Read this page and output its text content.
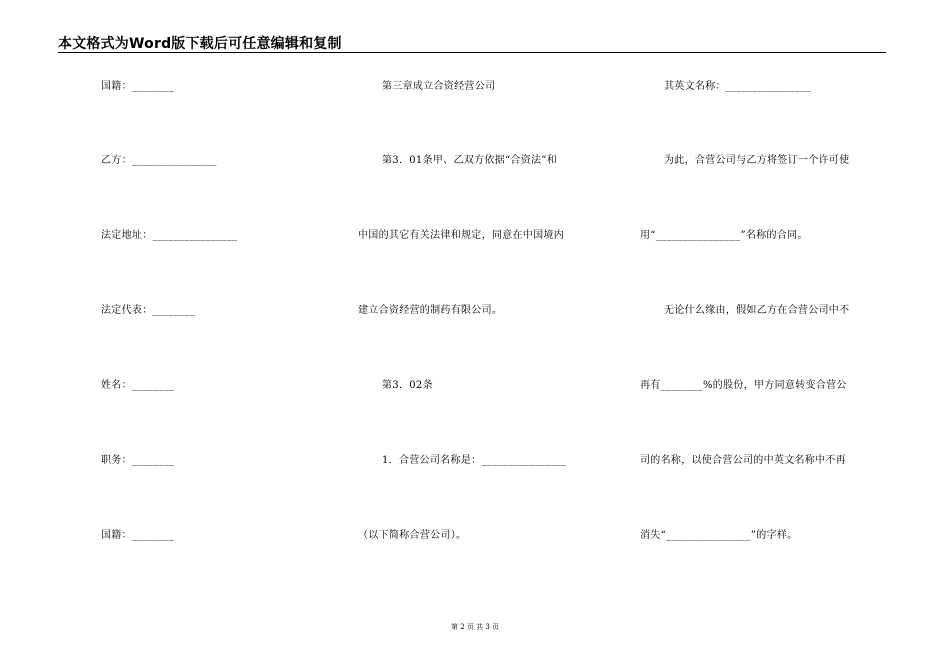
本文格式为Word版下载后可任意编辑和复制
国籍：________
乙方：________________
法定地址：________________
法定代表：________
姓名：________
职务：________
国籍：________
第三章成立合资经营公司
第3．01条甲、乙双方依据“合资法”和
中国的其它有关法律和规定，同意在中国境内
建立合资经营的制药有限公司。
第3．02条
1．合营公司名称是：________________
（以下简称合营公司）。
其英文名称：________________
为此，合营公司与乙方将签订一个许可使
用“________________”名称的合同。
无论什么缘由，假如乙方在合营公司中不
再有________%的股份，甲方同意转变合营公
司的名称，以使合营公司的中英文名称中不再
消失“________________”的字样。
第 2 页 共 3 页
